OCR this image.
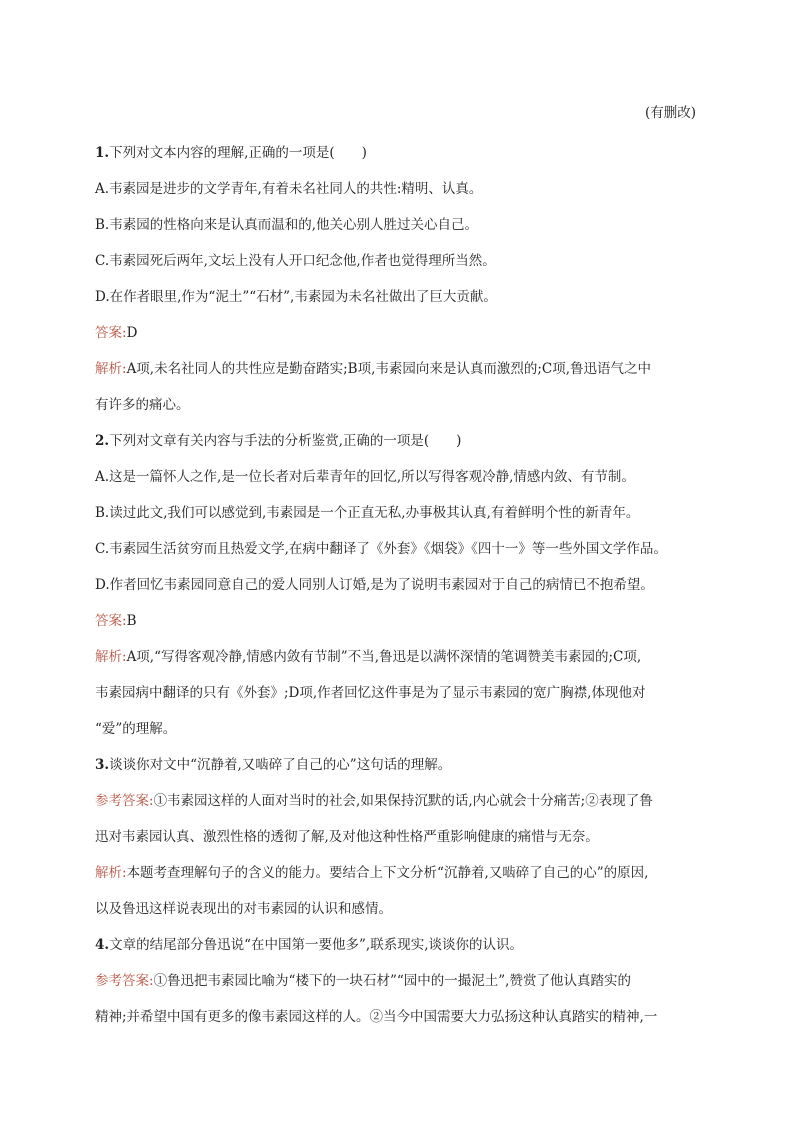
(有删改)
1.下列对文本内容的理解,正确的一项是(　　)
A.韦素园是进步的文学青年,有着未名社同人的共性:精明、认真。
B.韦素园的性格向来是认真而温和的,他关心别人胜过关心自己。
C.韦素园死后两年,文坛上没有人开口纪念他,作者也觉得理所当然。
D.在作者眼里,作为“泥土”“石材”,韦素园为未名社做出了巨大贡献。
答案:D
解析:A项,未名社同人的共性应是勤奋踏实;B项,韦素园向来是认真而激烈的;C项,鲁迅语气之中
有许多的痛心。
2.下列对文章有关内容与手法的分析鉴赏,正确的一项是(　　)
A.这是一篇怀人之作,是一位长者对后辈青年的回忆,所以写得客观冷静,情感内敛、有节制。
B.读过此文,我们可以感觉到,韦素园是一个正直无私,办事极其认真,有着鲜明个性的新青年。
C.韦素园生活贫穷而且热爱文学,在病中翻译了《外套》《烟袋》《四十一》等一些外国文学作品。
D.作者回忆韦素园同意自己的爱人同别人订婚,是为了说明韦素园对于自己的病情已不抱希望。
答案:B
解析:A项,“写得客观冷静,情感内敛有节制”不当,鲁迅是以满怀深情的笔调赞美韦素园的;C项,
韦素园病中翻译的只有《外套》;D项,作者回忆这件事是为了显示韦素园的宽广胸襟,体现他对
“爱”的理解。
3.谈谈你对文中“沉静着,又啮碎了自己的心”这句话的理解。
参考答案:①韦素园这样的人面对当时的社会,如果保持沉默的话,内心就会十分痛苦;②表现了鲁
迅对韦素园认真、激烈性格的透彻了解,及对他这种性格严重影响健康的痛惜与无奈。
解析:本题考查理解句子的含义的能力。要结合上下文分析“沉静着,又啮碎了自己的心”的原因,
以及鲁迅这样说表现出的对韦素园的认识和感情。
4.文章的结尾部分鲁迅说“在中国第一要他多”,联系现实,谈谈你的认识。
参考答案:①鲁迅把韦素园比喻为“楼下的一块石材”“园中的一撮泥土”,赞赏了他认真踏实的
精神;并希望中国有更多的像韦素园这样的人。②当今中国需要大力弘扬这种认真踏实的精神,一
